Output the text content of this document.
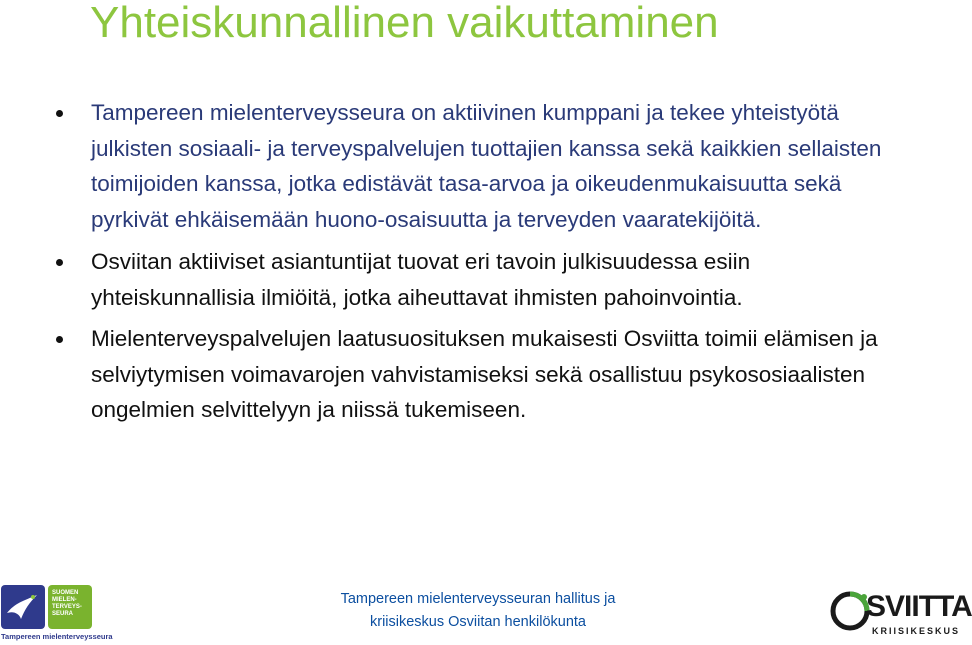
Yhteiskunnallinen vaikuttaminen
Tampereen mielenterveysseura on aktiivinen kumppani ja tekee yhteistyötä julkisten sosiaali- ja terveyspalvelujen tuottajien kanssa sekä kaikkien sellaisten toimijoiden kanssa, jotka edistävät tasa-arvoa ja oikeudenmukaisuutta sekä pyrkivät ehkäisemään huono-osaisuutta ja terveyden vaaratekijöitä.
Osviitan aktiiviset asiantuntijat tuovat eri tavoin julkisuudessa esiin yhteiskunnallisia ilmiöitä, jotka aiheuttavat ihmisten pahoinvointia.
Mielenterveyspalvelujen laatusuosituksen mukaisesti Osviitta toimii elämisen ja selviytymisen voimavarojen vahvistamiseksi sekä osallistuu psykososiaalisten ongelmien selvittelyyn ja niissä tukemiseen.
SUOMEN
MIELEN-
TERVEYS-
SEURA
Tampereen mielenterveysseura
Tampereen mielenterveysseuran hallitus ja
kriisikeskus Osviitan henkilökunta	SVIITTA
KRIISIKESKUS
